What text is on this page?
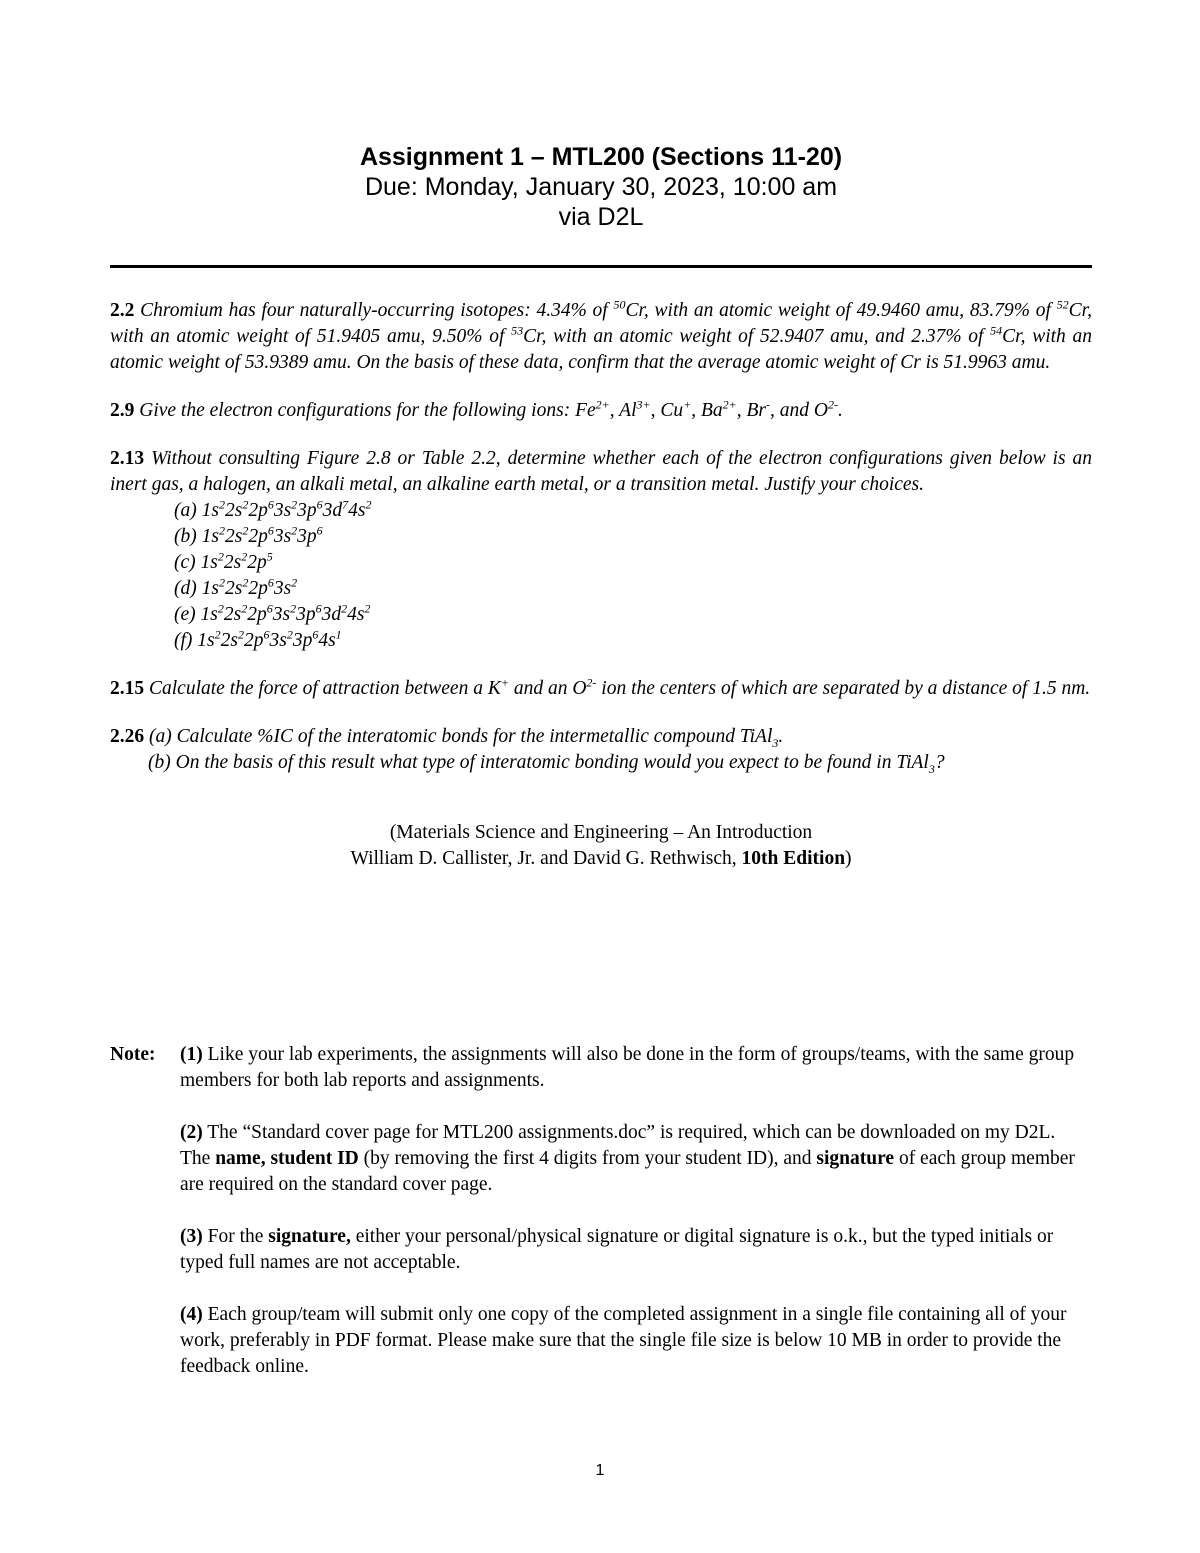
Assignment 1 – MTL200 (Sections 11-20)
Due: Monday, January 30, 2023, 10:00 am
via D2L

2.2 Chromium has four naturally-occurring isotopes: 4.34% of $^{50}$Cr, with an atomic weight of 49.9460 amu, 83.79% of $^{52}$Cr, with an atomic weight of 51.9405 amu, 9.50% of $^{53}$Cr, with an atomic weight of 52.9407 amu, and 2.37% of $^{54}$Cr, with an atomic weight of 53.9389 amu. On the basis of these data, confirm that the average atomic weight of Cr is 51.9963 amu.

2.9 Give the electron configurations for the following ions: $Fe^{2+}$, $Al^{3+}$, Cu+, $Ba^{2+}$, Br-, and $O^{2-}$.

2.13 Without consulting Figure 2.8 or Table 2.2, determine whether each of the electron configurations given below is an inert gas, a halogen, an alkali metal, an alkaline earth metal, or a transition metal. Justify your choices.
(a) $1s^22s^22p^63s^23p^63d^74s^2$
(b) $1s^22s^22p^63s^23p^6$
(c) $1s^22s^22p^5$
(d) $1s^22s^22p^63s^2$
(e) $1s^22s^22p^63s^23p^63d^24s^2$
(f) $1s^22s^22p^63s^23p^64s^1$

2.15 Calculate the force of attraction between a K+ and an $O^{2-}$ ion the centers of which are separated by a distance of 1.5 nm.

2.26 (a) Calculate %IC of the interatomic bonds for the intermetallic compound TiAl$_3$.
(b) On the basis of this result what type of interatomic bonding would you expect to be found in TiAl$_3$?
(Materials Science and Engineering – An Introduction
William D. Callister, Jr. and David G. Rethwisch, 10th Edition)
Note: (1) Like your lab experiments, the assignments will also be done in the form of groups/teams, with the same group members for both lab reports and assignments.

(2) The “Standard cover page for MTL200 assignments.doc” is required, which can be downloaded on my D2L. The name, student ID (by removing the first 4 digits from your student ID), and signature of each group member are required on the standard cover page.

(3) For the signature, either your personal/physical signature or digital signature is o.k., but the typed initials or typed full names are not acceptable.

(4) Each group/team will submit only one copy of the completed assignment in a single file containing all of your work, preferably in PDF format. Please make sure that the single file size is below 10 MB in order to provide the feedback online.

1
